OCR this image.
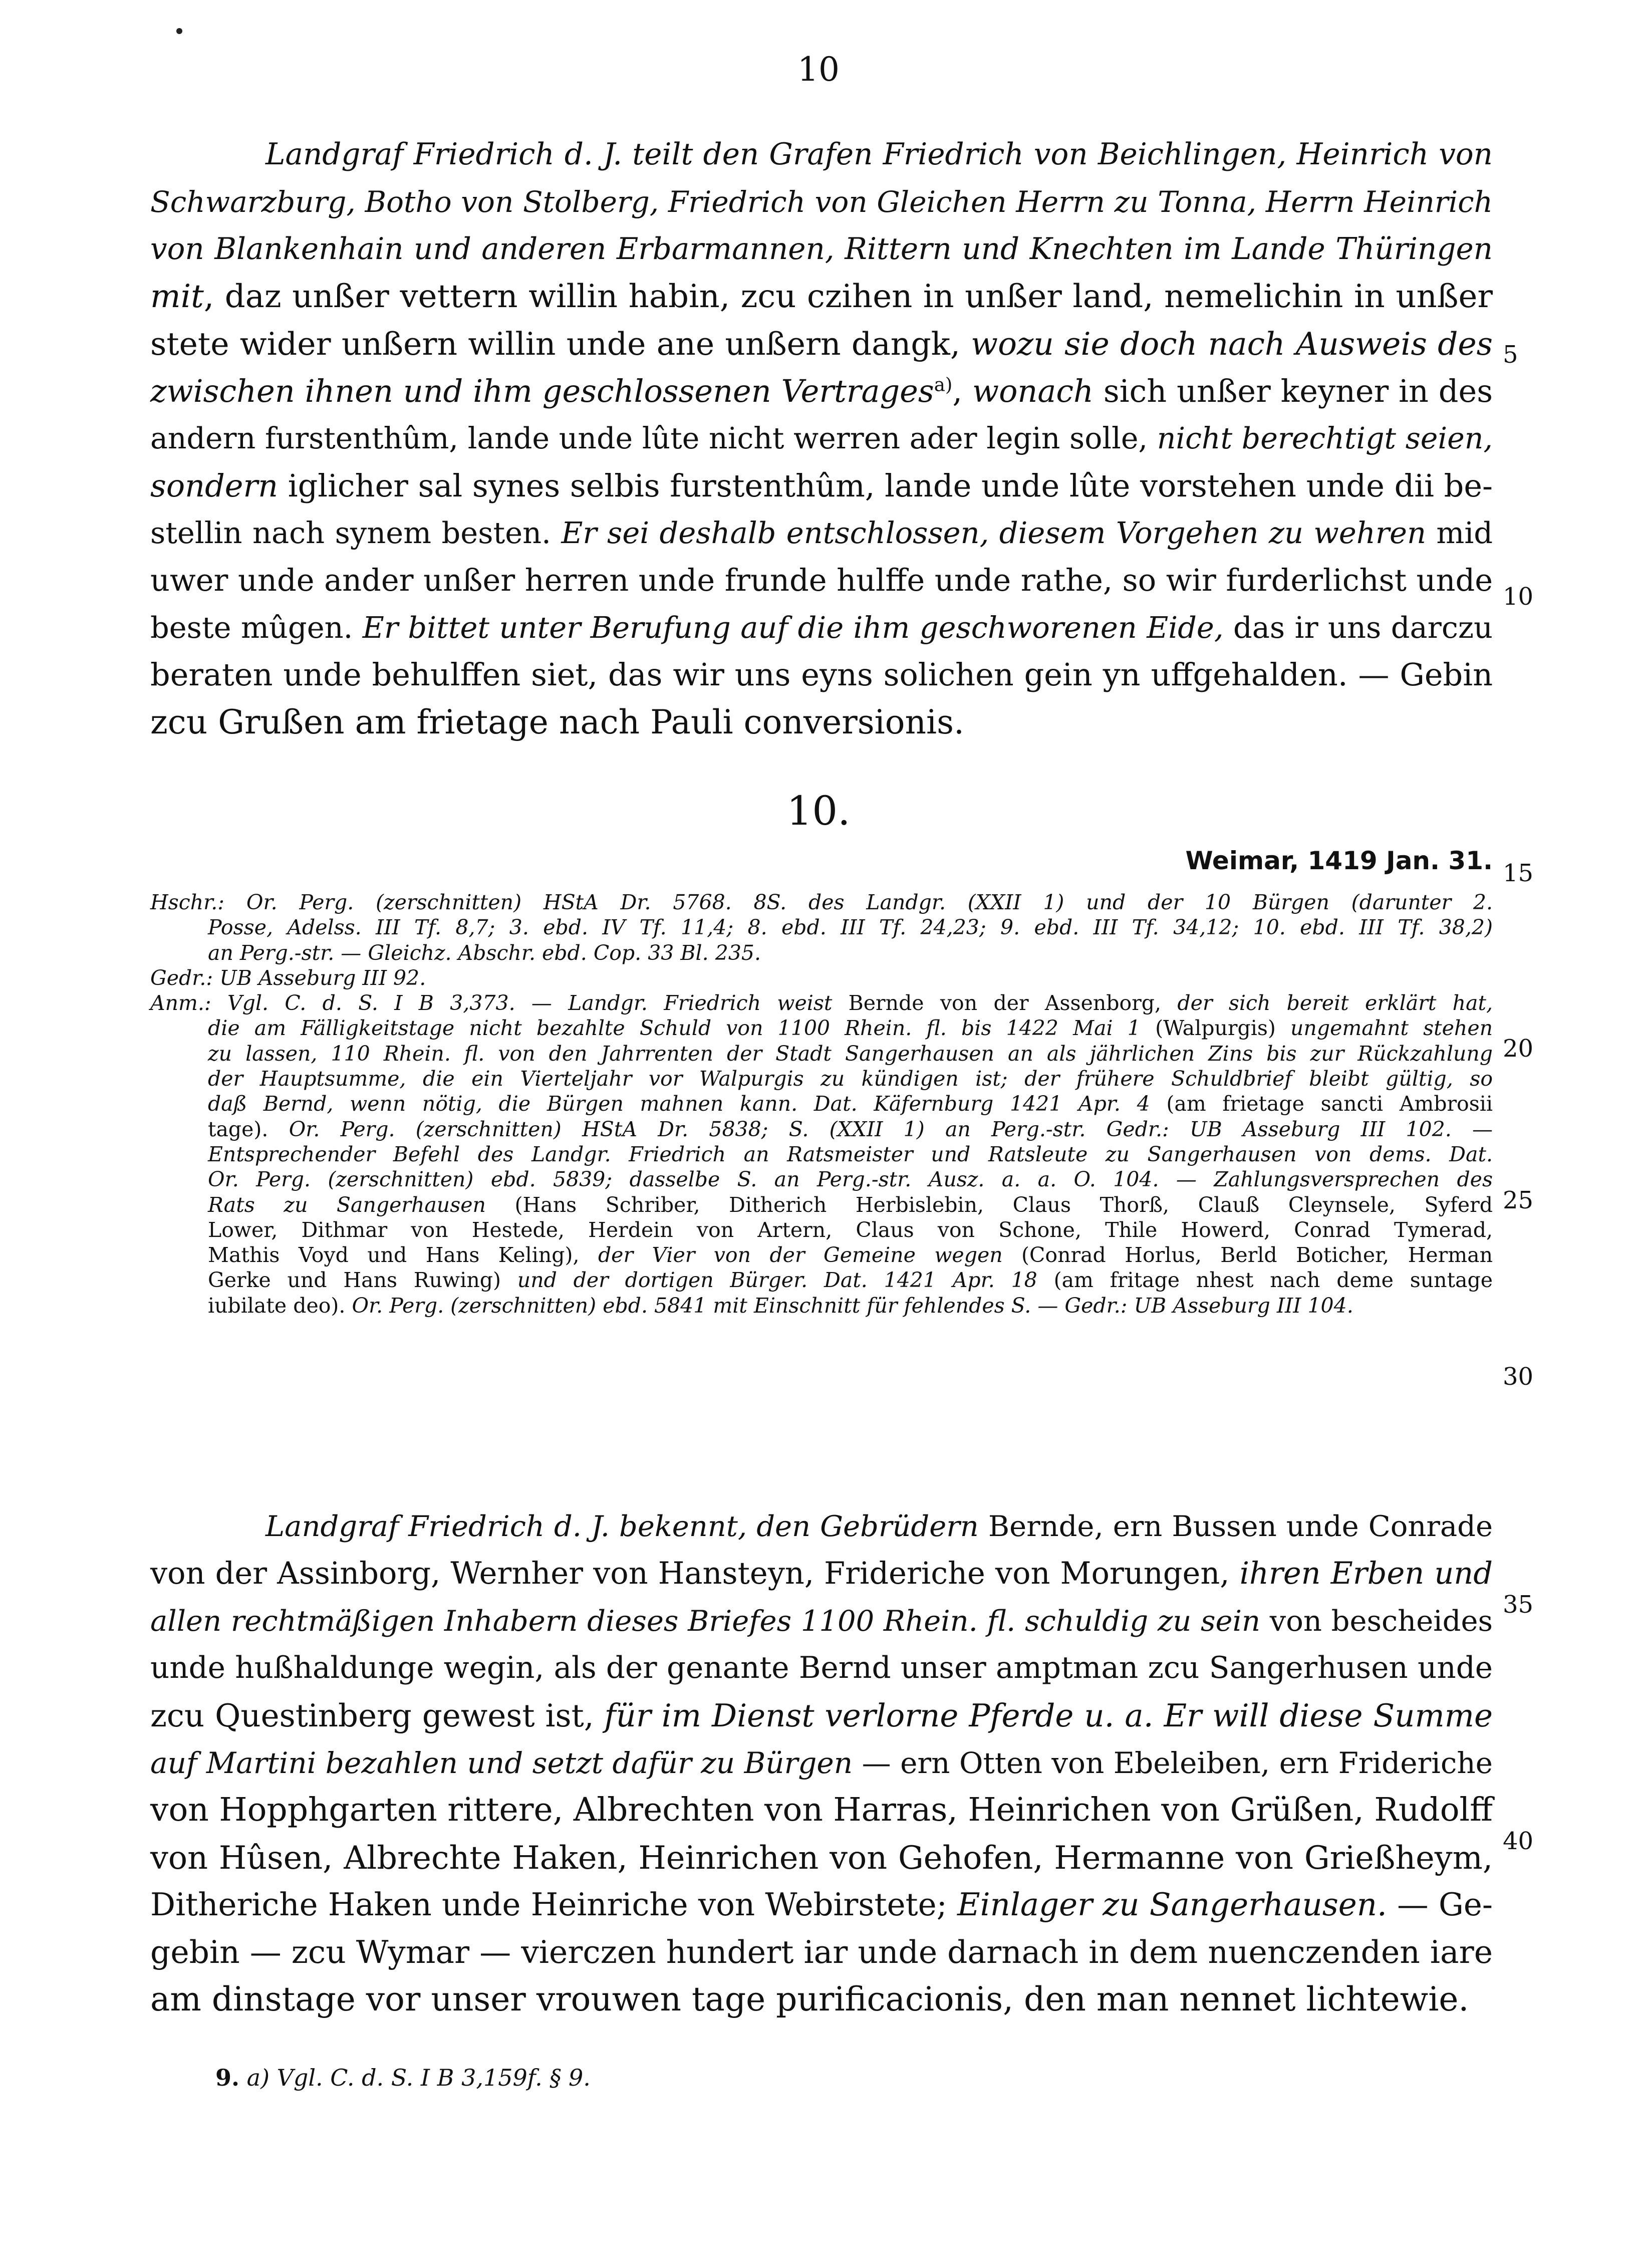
10
Landgraf Friedrich d. J. teilt den Grafen Friedrich von Beichlingen, Heinrich von
Schwarzburg, Botho von Stolberg, Friedrich von Gleichen Herrn zu Tonna, Herrn Heinrich
von Blankenhain und anderen Erbarmannen, Rittern und Knechten im Lande Thüringen
mit, daz unßer vettern willin habin, zcu czihen in unßer land, nemelichin in unßer
stete wider unßern willin unde ane unßern dangk, wozu sie doch nach Ausweis des
zwischen ihnen und ihm geschlossenen Vertrages$^{a)}$, wonach sich unßer keyner in des
andern furstenthûm, lande unde lûte nicht werren ader legin solle, nicht berechtigt seien,
sondern iglicher sal synes selbis furstenthûm, lande unde lûte vorstehen unde dii be-
stellin nach synem besten. Er sei deshalb entschlossen, diesem Vorgehen zu wehren mid
uwer unde ander unßer herren unde frunde hulffe unde rathe, so wir furderlichst unde
beste mûgen. Er bittet unter Berufung auf die ihm geschworenen Eide, das ir uns darczu
beraten unde behulffen siet, das wir uns eyns solichen gein yn uffgehalden. — Gebin
zcu Grußen am frietage nach Pauli conversionis.
10.
Weimar, 1419 Jan. 31.
Hschr.: Or. Perg. (zerschnitten) HStA Dr. 5768. 8S. des Landgr. (XXII 1) und der 10 Bürgen (darunter 2.
Posse, Adelss. III Tf. 8,7; 3. ebd. IV Tf. 11,4; 8. ebd. III Tf. 24,23; 9. ebd. III Tf. 34,12; 10. ebd. III Tf. 38,2)
an Perg.-str. — Gleichz. Abschr. ebd. Cop. 33 Bl. 235.
Gedr.: UB Asseburg III 92.
Anm.: Vgl. C. d. S. I B 3,373. — Landgr. Friedrich weist Bernde von der Assenborg, der sich bereit erklärt hat,
die am Fälligkeitstage nicht bezahlte Schuld von 1100 Rhein. fl. bis 1422 Mai 1 (Walpurgis) ungemahnt stehen
zu lassen, 110 Rhein. fl. von den Jahrrenten der Stadt Sangerhausen an als jährlichen Zins bis zur Rückzahlung
der Hauptsumme, die ein Vierteljahr vor Walpurgis zu kündigen ist; der frühere Schuldbrief bleibt gültig, so
daß Bernd, wenn nötig, die Bürgen mahnen kann. Dat. Käfernburg 1421 Apr. 4 (am frietage sancti Ambrosii
tage). Or. Perg. (zerschnitten) HStA Dr. 5838; S. (XXII 1) an Perg.-str. Gedr.: UB Asseburg III 102. —
Entsprechender Befehl des Landgr. Friedrich an Ratsmeister und Ratsleute zu Sangerhausen von dems. Dat.
Or. Perg. (zerschnitten) ebd. 5839; dasselbe S. an Perg.-str. Ausz. a. a. O. 104. — Zahlungsversprechen des
Rats zu Sangerhausen (Hans Schriber, Ditherich Herbislebin, Claus Thorß, Clauß Cleynsele, Syferd
Lower, Dithmar von Hestede, Herdein von Artern, Claus von Schone, Thile Howerd, Conrad Tymerad,
Mathis Voyd und Hans Keling), der Vier von der Gemeine wegen (Conrad Horlus, Berld Boticher, Herman
Gerke und Hans Ruwing) und der dortigen Bürger. Dat. 1421 Apr. 18 (am fritage nhest nach deme suntage
iubilate deo). Or. Perg. (zerschnitten) ebd. 5841 mit Einschnitt für fehlendes S. — Gedr.: UB Asseburg III 104.
Landgraf Friedrich d. J. bekennt, den Gebrüdern Bernde, ern Bussen unde Conrade
von der Assinborg, Wernher von Hansteyn, Frideriche von Morungen, ihren Erben und
allen rechtmäßigen Inhabern dieses Briefes 1100 Rhein. fl. schuldig zu sein von bescheides
unde hußhaldunge wegin, als der genante Bernd unser amptman zcu Sangerhusen unde
zcu Questinberg gewest ist, für im Dienst verlorne Pferde u. a. Er will diese Summe
auf Martini bezahlen und setzt dafür zu Bürgen — ern Otten von Ebeleiben, ern Frideriche
von Hopphgarten rittere, Albrechten von Harras, Heinrichen von Grüßen, Rudolff
von Hûsen, Albrechte Haken, Heinrichen von Gehofen, Hermanne von Grießheym,
Ditheriche Haken unde Heinriche von Webirstete; Einlager zu Sangerhausen. — Ge-
gebin — zcu Wymar — vierczen hundert iar unde darnach in dem nuenczenden iare
am dinstage vor unser vrouwen tage purificacionis, den man nennet lichtewie.
5
10
15
20
25
30
35
40
9. a) Vgl. C. d. S. I B 3,159f. § 9.
